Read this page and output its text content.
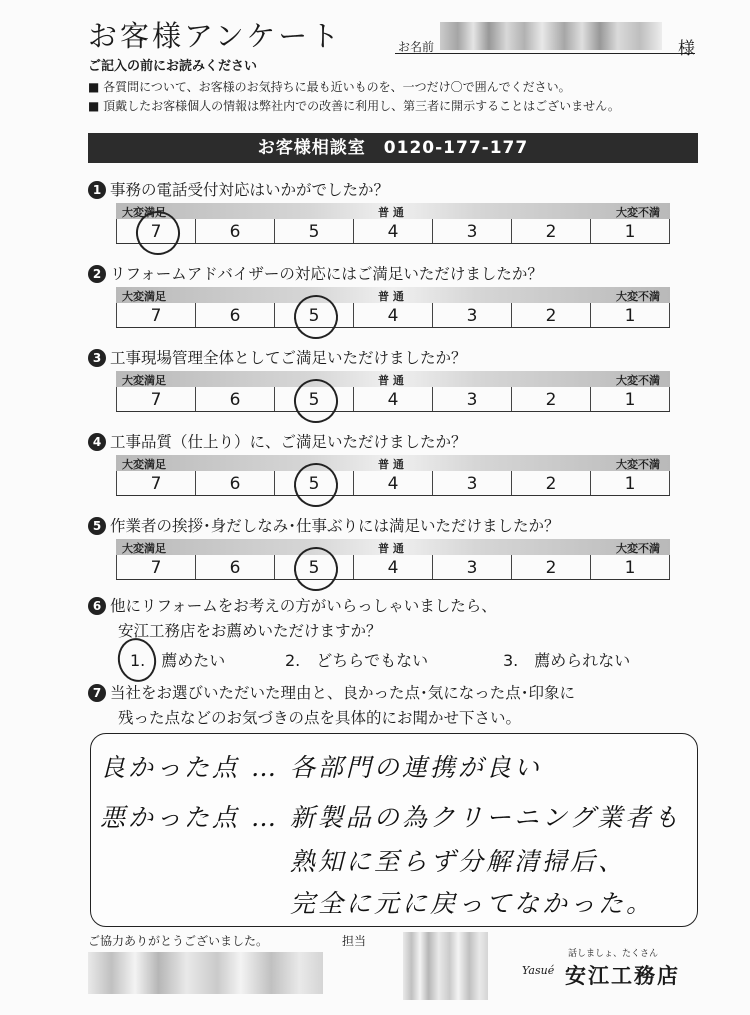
お客様アンケート	お名前	様
ご記入の前にお読みください
■ 各質問について、お客様のお気持ちに最も近いものを、一つだけ〇で囲んでください。
■ 頂戴したお客様個人の情報は弊社内での改善に利用し、第三者に開示することはございません。
お客様相談室　0120-177-177
1 事務の電話受付対応はいかがでしたか？
大変満足	普 通	大変不満
7	6	5	4	3	2	1
2 リフォームアドバイザーの対応にはご満足いただけましたか？
大変満足	普 通	大変不満
7	6	5	4	3	2	1
3 工事現場管理全体としてご満足いただけましたか？
大変満足	普 通	大変不満
7	6	5	4	3	2	1
4 工事品質（仕上り）に、ご満足いただけましたか？
大変満足	普 通	大変不満
7	6	5	4	3	2	1
5 作業者の挨拶･身だしなみ･仕事ぶりには満足いただけましたか？
大変満足	普 通	大変不満
7	6	5	4	3	2	1
6 他にリフォームをお考えの方がいらっしゃいましたら、
安江工務店をお薦めいただけますか？
1.　薦めたい	2.　どちらでもない	3.　薦められない
7 当社をお選びいただいた理由と、良かった点･気になった点･印象に
残った点などのお気づきの点を具体的にお聞かせ下さい。
良かった点 … 各部門の連携が良い
悪かった点 … 新製品の為クリーニング業者も
熟知に至らず分解清掃后、
完全に元に戻ってなかった。
ご協力ありがとうございました。	担当
話しましょ、たくさん
Yasué 安江工務店
